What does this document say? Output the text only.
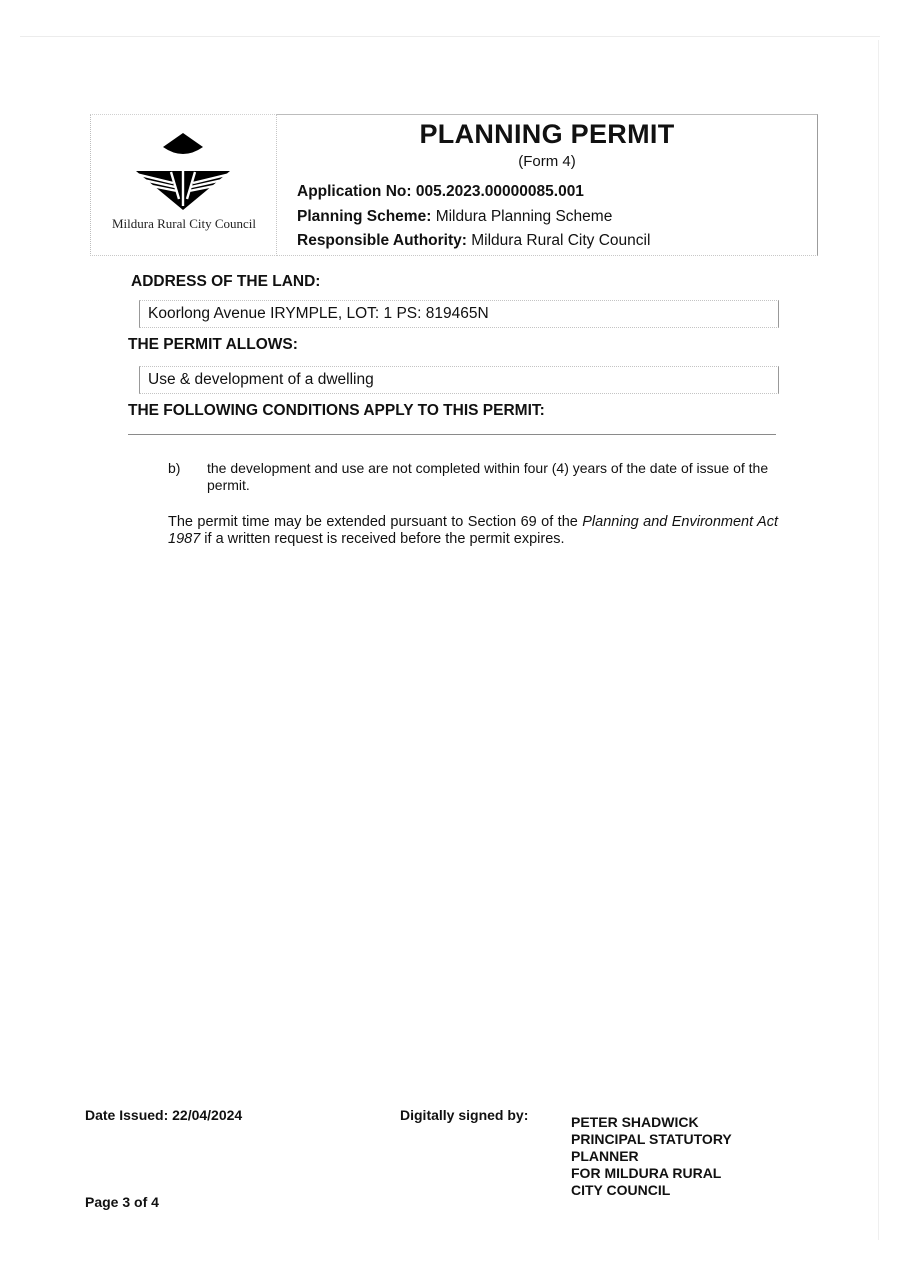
Mildura Rural City Council
PLANNING PERMIT
(Form 4)
Application No: 005.2023.00000085.001
Planning Scheme: Mildura Planning Scheme
Responsible Authority: Mildura Rural City Council
ADDRESS OF THE LAND:
Koorlong Avenue IRYMPLE, LOT: 1 PS: 819465N
THE PERMIT ALLOWS:
Use & development of a dwelling
THE FOLLOWING CONDITIONS APPLY TO THIS PERMIT:
b) the development and use are not completed within four (4) years of the date of issue of the permit.
The permit time may be extended pursuant to Section 69 of the Planning and Environment Act 1987 if a written request is received before the permit expires.
Date Issued: 22/04/2024	Digitally signed by:	PETER SHADWICK
PRINCIPAL STATUTORY
PLANNER
FOR MILDURA RURAL
CITY COUNCIL
Page 3 of 4
